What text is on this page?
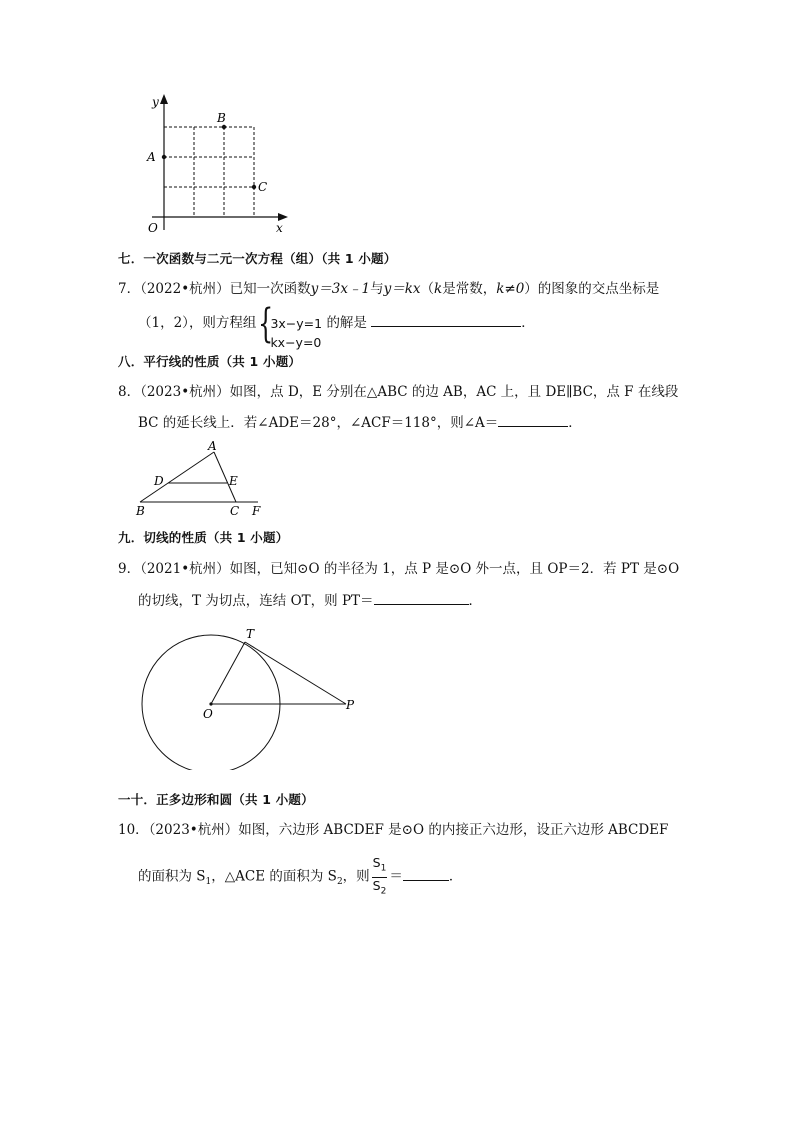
y
x
O
A
B
C
七．一次函数与二元一次方程（组）（共 1 小题）
7．（2022•杭州）已知一次函数y＝3x﹣1与y＝kx（k是常数，k≠0）的图象的交点坐标是
（1，2），则方程组 {
3x−y=1
kx−y=0
的解是	．
八．平行线的性质（共 1 小题）
8．（2023•杭州）如图，点 D，E 分别在△ABC 的边 AB，AC 上，且 DE∥BC，点 F 在线段
BC 的延长线上．若∠ADE＝28°，∠ACF＝118°，则∠A＝	．
A
B	C
D	E
F
九．切线的性质（共 1 小题）
9．（2021•杭州）如图，已知⊙O 的半径为 1，点 P 是⊙O 外一点，且 OP＝2．若 PT 是⊙O
的切线，T 为切点，连结 OT，则 PT＝	．
O
T
P
一十．正多边形和圆（共 1 小题）
10．（2023•杭州）如图，六边形 ABCDEF 是⊙O 的内接正六边形，设正六边形 ABCDEF
的面积为 $S_1$，△ACE 的面积为 $S_2$，则 $\frac{S_1}{S_2}$ ＝	．
